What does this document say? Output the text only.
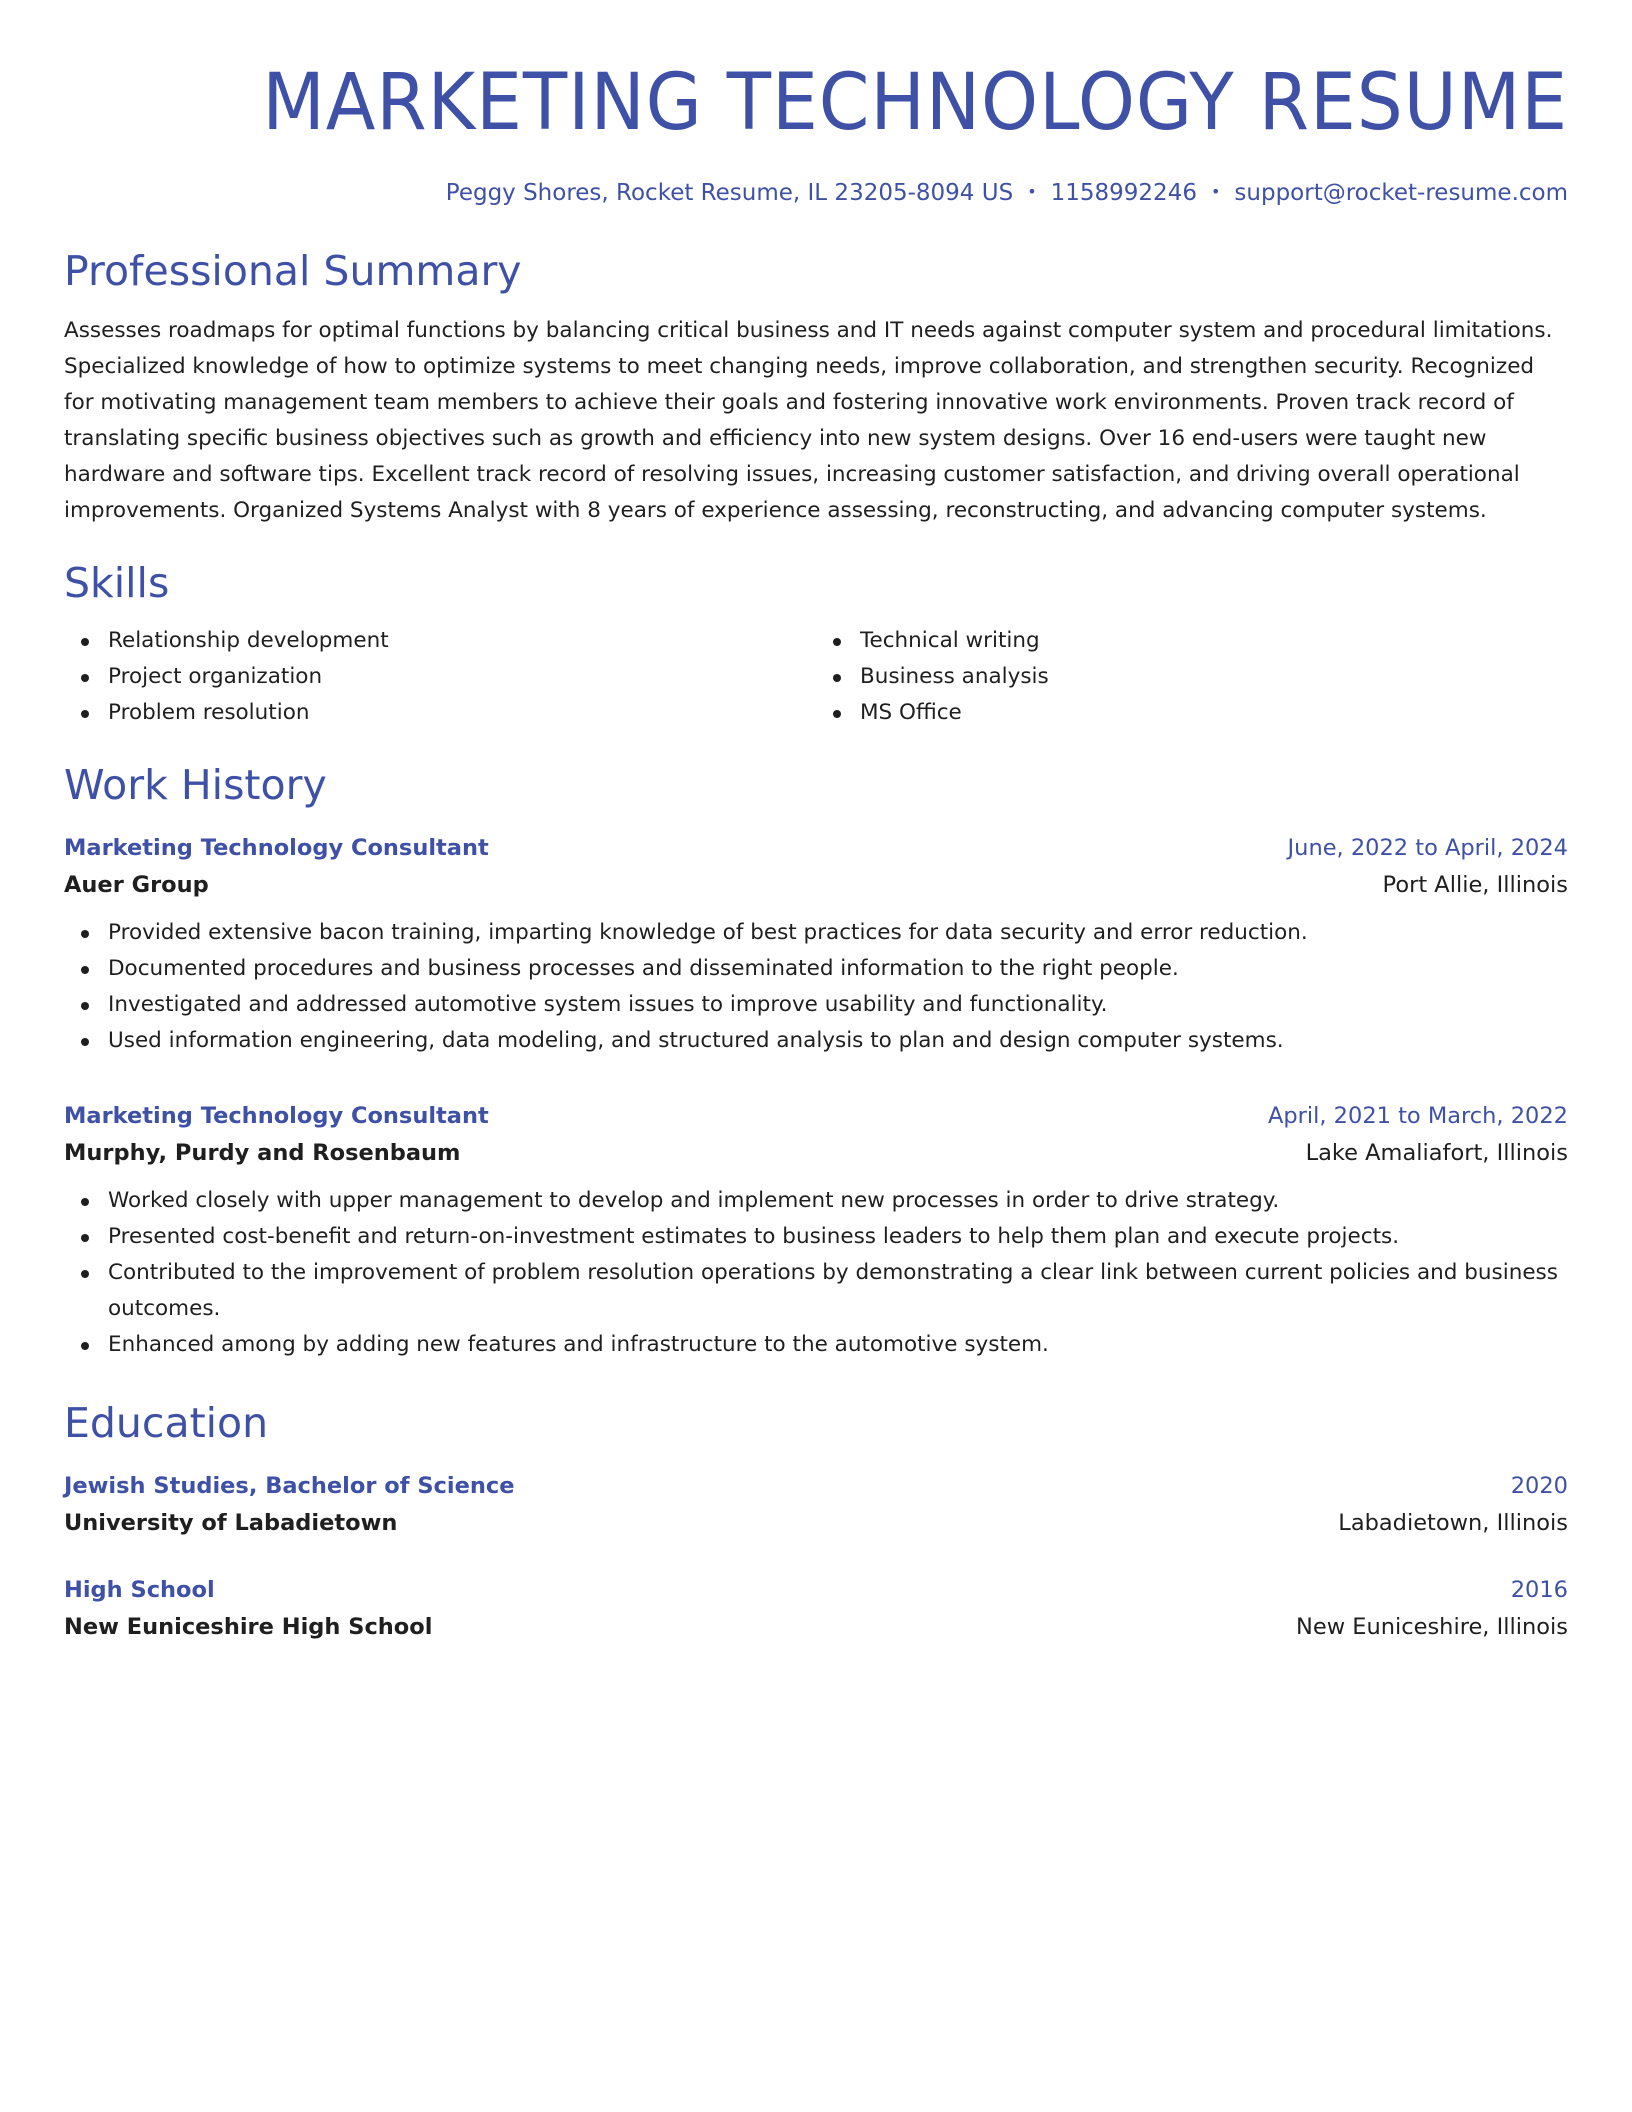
MARKETING TECHNOLOGY RESUME
Peggy Shores, Rocket Resume, IL 23205-8094 US • 1158992246 • support@rocket-resume.com
Professional Summary
Assesses roadmaps for optimal functions by balancing critical business and IT needs against computer system and procedural limitations. Specialized knowledge of how to optimize systems to meet changing needs, improve collaboration, and strengthen security. Recognized for motivating management team members to achieve their goals and fostering innovative work environments. Proven track record of translating specific business objectives such as growth and efficiency into new system designs. Over 16 end-users were taught new hardware and software tips. Excellent track record of resolving issues, increasing customer satisfaction, and driving overall operational improvements. Organized Systems Analyst with 8 years of experience assessing, reconstructing, and advancing computer systems.
Skills
Relationship development
Project organization
Problem resolution
Technical writing
Business analysis
MS Office
Work History
Marketing Technology Consultant	June, 2022 to April, 2024
Auer Group	Port Allie, Illinois
Provided extensive bacon training, imparting knowledge of best practices for data security and error reduction.
Documented procedures and business processes and disseminated information to the right people.
Investigated and addressed automotive system issues to improve usability and functionality.
Used information engineering, data modeling, and structured analysis to plan and design computer systems.
Marketing Technology Consultant	April, 2021 to March, 2022
Murphy, Purdy and Rosenbaum	Lake Amaliafort, Illinois
Worked closely with upper management to develop and implement new processes in order to drive strategy.
Presented cost-benefit and return-on-investment estimates to business leaders to help them plan and execute projects.
Contributed to the improvement of problem resolution operations by demonstrating a clear link between current policies and business outcomes.
Enhanced among by adding new features and infrastructure to the automotive system.
Education
Jewish Studies, Bachelor of Science	2020
University of Labadietown	Labadietown, Illinois
High School	2016
New Euniceshire High School	New Euniceshire, Illinois
